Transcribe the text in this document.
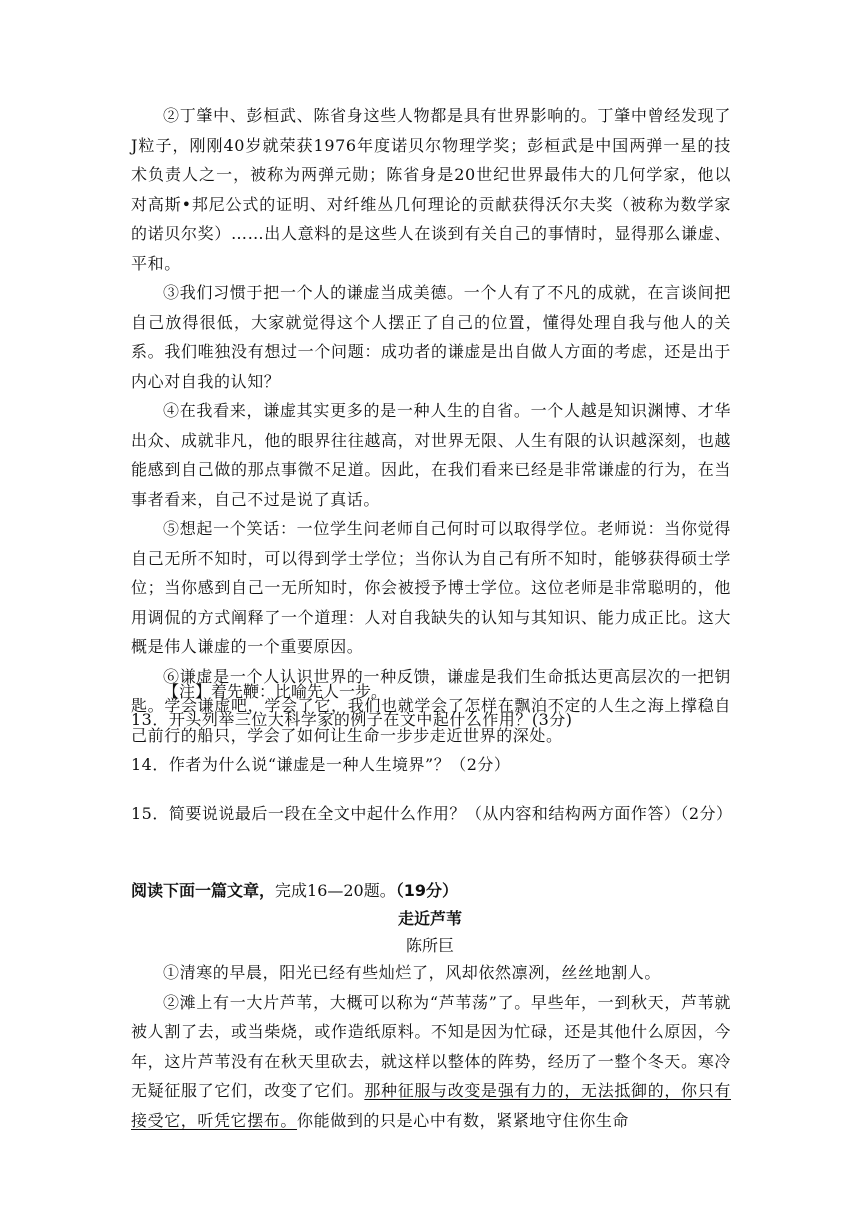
②丁肇中、彭桓武、陈省身这些人物都是具有世界影响的。丁肇中曾经发现了J粒子，刚刚40岁就荣获1976年度诺贝尔物理学奖；彭桓武是中国两弹一星的技术负责人之一，被称为两弹元勋；陈省身是20世纪世界最伟大的几何学家，他以对高斯•邦尼公式的证明、对纤维丛几何理论的贡献获得沃尔夫奖（被称为数学家的诺贝尔奖）……出人意料的是这些人在谈到有关自己的事情时，显得那么谦虚、平和。

③我们习惯于把一个人的谦虚当成美德。一个人有了不凡的成就，在言谈间把自己放得很低，大家就觉得这个人摆正了自己的位置，懂得处理自我与他人的关系。我们唯独没有想过一个问题：成功者的谦虚是出自做人方面的考虑，还是出于内心对自我的认知？

④在我看来，谦虚其实更多的是一种人生的自省。一个人越是知识渊博、才华出众、成就非凡，他的眼界往往越高，对世界无限、人生有限的认识越深刻，也越能感到自己做的那点事微不足道。因此，在我们看来已经是非常谦虚的行为，在当事者看来，自己不过是说了真话。

⑤想起一个笑话：一位学生问老师自己何时可以取得学位。老师说：当你觉得自己无所不知时，可以得到学士学位；当你认为自己有所不知时，能够获得硕士学位；当你感到自己一无所知时，你会被授予博士学位。这位老师是非常聪明的，他用调侃的方式阐释了一个道理：人对自我缺失的认知与其知识、能力成正比。这大概是伟人谦虚的一个重要原因。

⑥谦虚是一个人认识世界的一种反馈，谦虚是我们生命抵达更高层次的一把钥匙。学会谦虚吧，学会了它，我们也就学会了怎样在飘泊不定的人生之海上撑稳自己前行的船只，学会了如何让生命一步步走近世界的深处。

【注】着先鞭：比喻先人一步。

13．开头列举三位大科学家的例子在文中起什么作用？(3分)

14．作者为什么说“谦虚是一种人生境界”？（2分）

15．简要说说最后一段在全文中起什么作用？（从内容和结构两方面作答）（2分）

阅读下面一篇文章，完成16—20题。（19分）

走近芦苇

陈所巨

①清寒的早晨，阳光已经有些灿烂了，风却依然凛冽，丝丝地割人。

②滩上有一大片芦苇，大概可以称为“芦苇荡”了。早些年，一到秋天，芦苇就被人割了去，或当柴烧，或作造纸原料。不知是因为忙碌，还是其他什么原因，今年，这片芦苇没有在秋天里砍去，就这样以整体的阵势，经历了一整个冬天。寒冷无疑征服了它们，改变了它们。那种征服与改变是强有力的，无法抵御的，你只有接受它，听凭它摆布。你能做到的只是心中有数，紧紧地守住你生命
